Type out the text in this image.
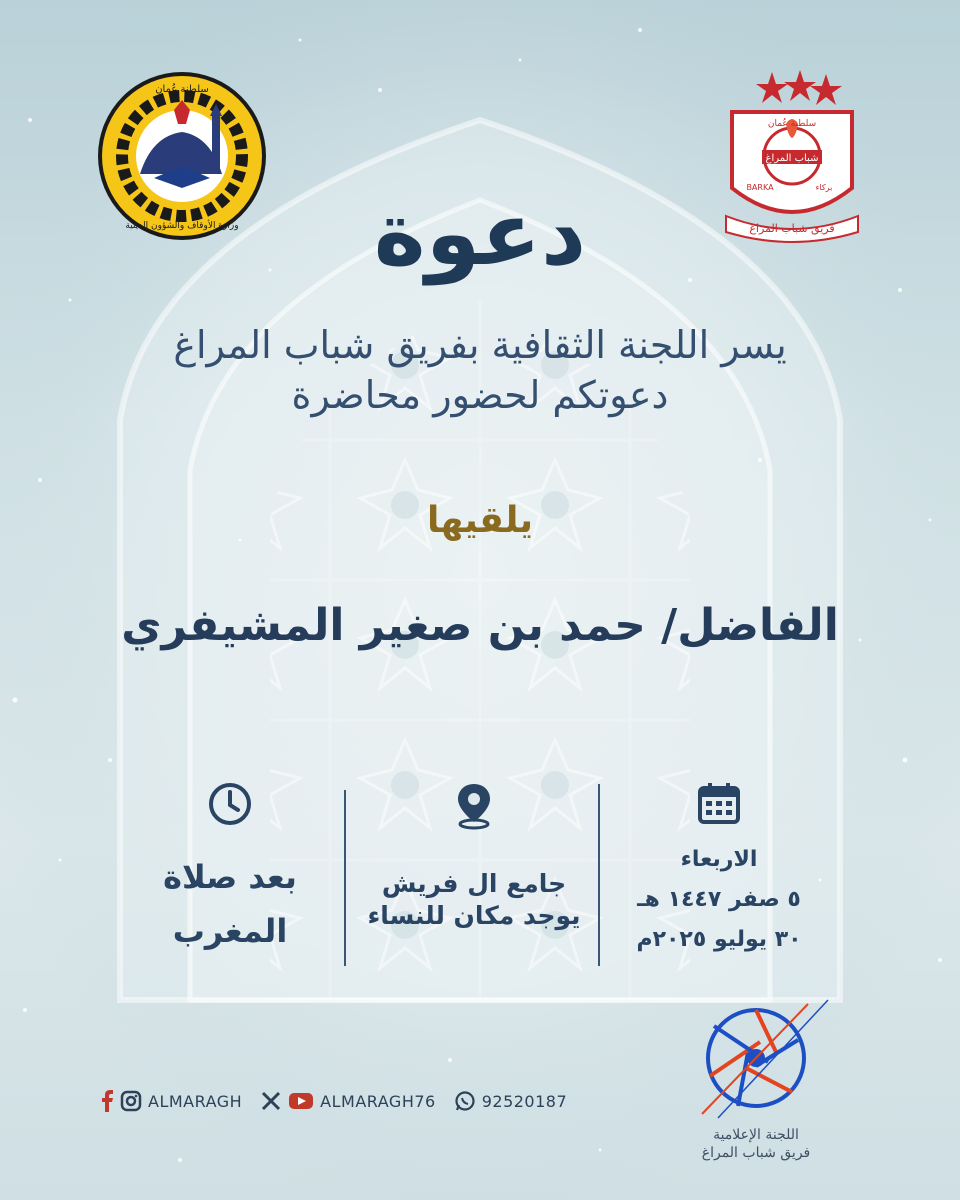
سلطنة عُمان
وزارة الأوقاف والشؤون الدينية
شباب المراغ
سلطنة عُمان
BARKA	بركاء
فريق شباب المراغ
دعوة
يسر اللجنة الثقافية بفريق شباب المراغ دعوتكم لحضور محاضرة
يلقيها
الفاضل/ حمد بن صغير المشيفري
بعد صلاة
المغرب
جامع ال فريش
يوجد مكان للنساء
الاربعاء
٥ صفر ١٤٤٧ هـ
٣٠ يوليو ٢٠٢٥م
ALMARAGH	ALMARAGH76	92520187
اللجنة الإعلامية
فريق شباب المراغ
